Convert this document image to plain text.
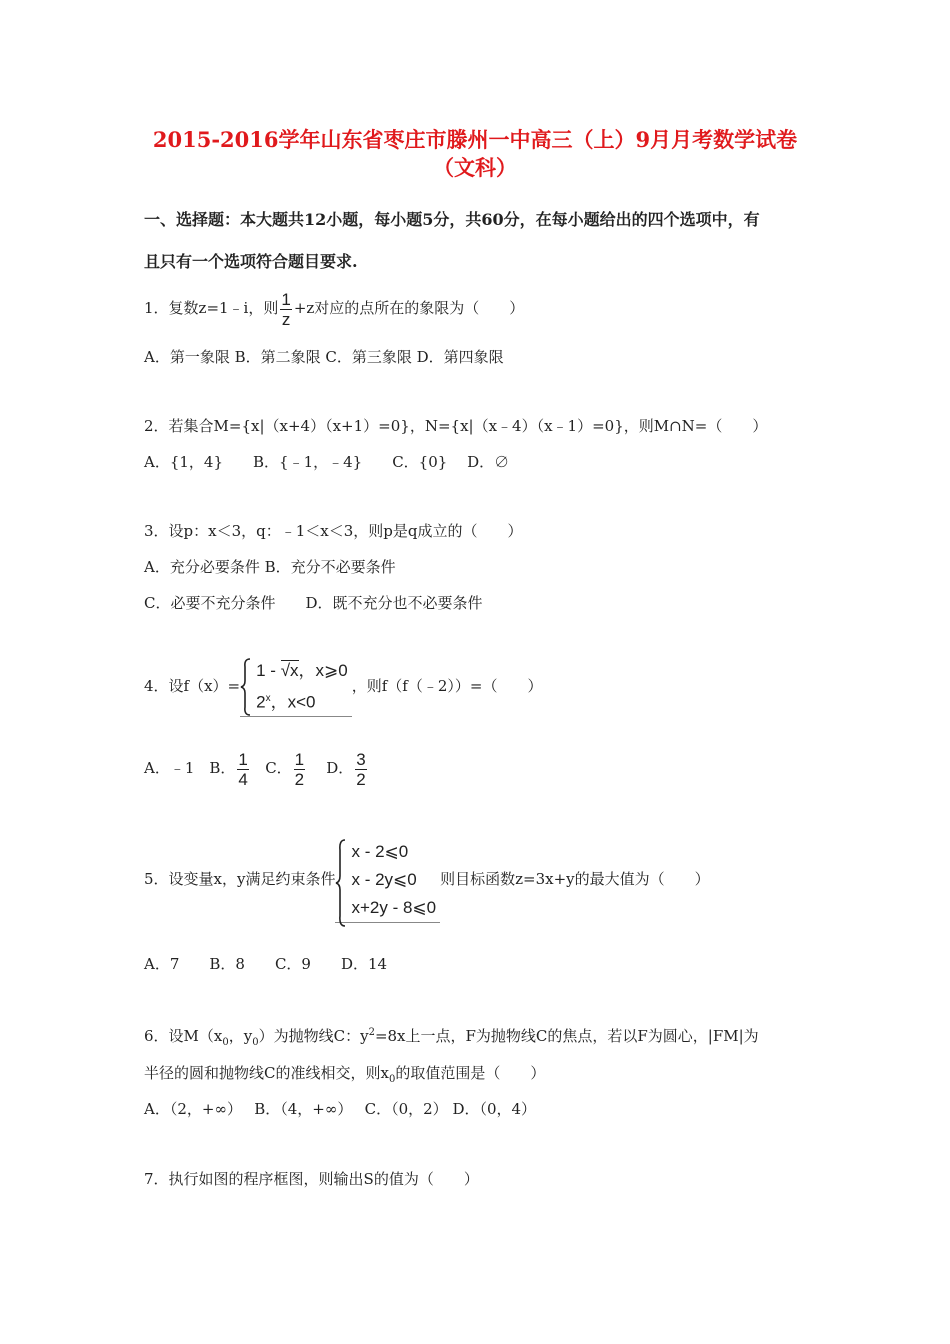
2015-2016学年山东省枣庄市滕州一中高三（上）9月月考数学试卷
（文科）
一、选择题：本大题共12小题，每小题5分，共60分，在每小题给出的四个选项中，有
且只有一个选项符合题目要求.
1．复数z=1﹣i，则 $\frac{1}{z} +z$对应的点所在的象限为（　　）
A．第一象限 B．第二象限 C．第三象限 D．第四象限
2．若集合M={x|（x+4）（x+1）=0}，N={x|（x﹣4）（x﹣1）=0}，则M∩N=（　　）
A．{1，4}　　B．{﹣1，﹣4}　　C．{0}　 D．∅
3．设p：x＜3，q：﹣1＜x＜3，则p是q成立的（　　）
A．充分必要条件 B．充分不必要条件
C．必要不充分条件　　D．既不充分也不必要条件
4．设f（x）=
1 - √x，x⩾0
2$^x$，x<0
，则f（f（﹣2））=（　　）
A．﹣1　B． $\frac{1}{4}$ C． $\frac{1}{2}$ D． $\frac{3}{2}$
5．设变量x，y满足约束条件
x - 2⩽0
x - 2y⩽0
x+2y - 8⩽0
则目标函数z=3x+y的最大值为（　　）
A．7　　B．8　　C．9　　D．14
6．设$M(x_0$，$y_0$）为抛物线C：$y^2=8x$上一点，F为抛物线C的焦点，若以F为圆心，|FM|为
半径的圆和抛物线C的准线相交，则$x_0$的取值范围是（　　）
A．（2，+∞）　 B．（4，+∞）　 C．（0，2） D．（0，4）
7．执行如图的程序框图，则输出S的值为（　　）
